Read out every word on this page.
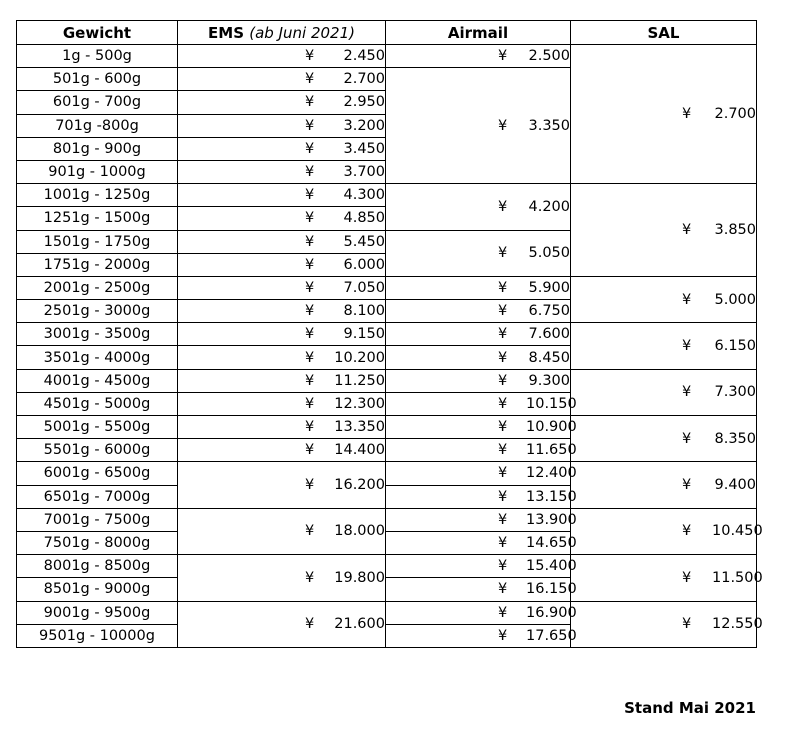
Gewicht	EMS (ab Juni 2021)	Airmail	SAL
1g - 500g	¥ 2.450	¥ 2.500	¥ 2.700
501g - 600g	¥ 2.700	¥ 3.350	
601g - 700g	¥ 2.950		
701g -800g	¥ 3.200		
801g - 900g	¥ 3.450		
901g - 1000g	¥ 3.700		
1001g - 1250g	¥ 4.300	¥ 4.200	¥ 3.850
1251g - 1500g	¥ 4.850		
1501g - 1750g	¥ 5.450	¥ 5.050	
1751g - 2000g	¥ 6.000		
2001g - 2500g	¥ 7.050	¥ 5.900	¥ 5.000
2501g - 3000g	¥ 8.100	¥ 6.750	
3001g - 3500g	¥ 9.150	¥ 7.600	¥ 6.150
3501g - 4000g	¥ 10.200	¥ 8.450	
4001g - 4500g	¥ 11.250	¥ 9.300	¥ 7.300
4501g - 5000g	¥ 12.300	¥ 10.150	
5001g - 5500g	¥ 13.350	¥ 10.900	¥ 8.350
5501g - 6000g	¥ 14.400	¥ 11.650	
6001g - 6500g	¥ 16.200	¥ 12.400	¥ 9.400
6501g - 7000g		¥ 13.150	
7001g - 7500g	¥ 18.000	¥ 13.900	¥ 10.450
7501g - 8000g		¥ 14.650	
8001g - 8500g	¥ 19.800	¥ 15.400	¥ 11.500
8501g - 9000g		¥ 16.150	
9001g - 9500g	¥ 21.600	¥ 16.900	¥ 12.550
9501g - 10000g		¥ 17.650	
Stand Mai 2021
